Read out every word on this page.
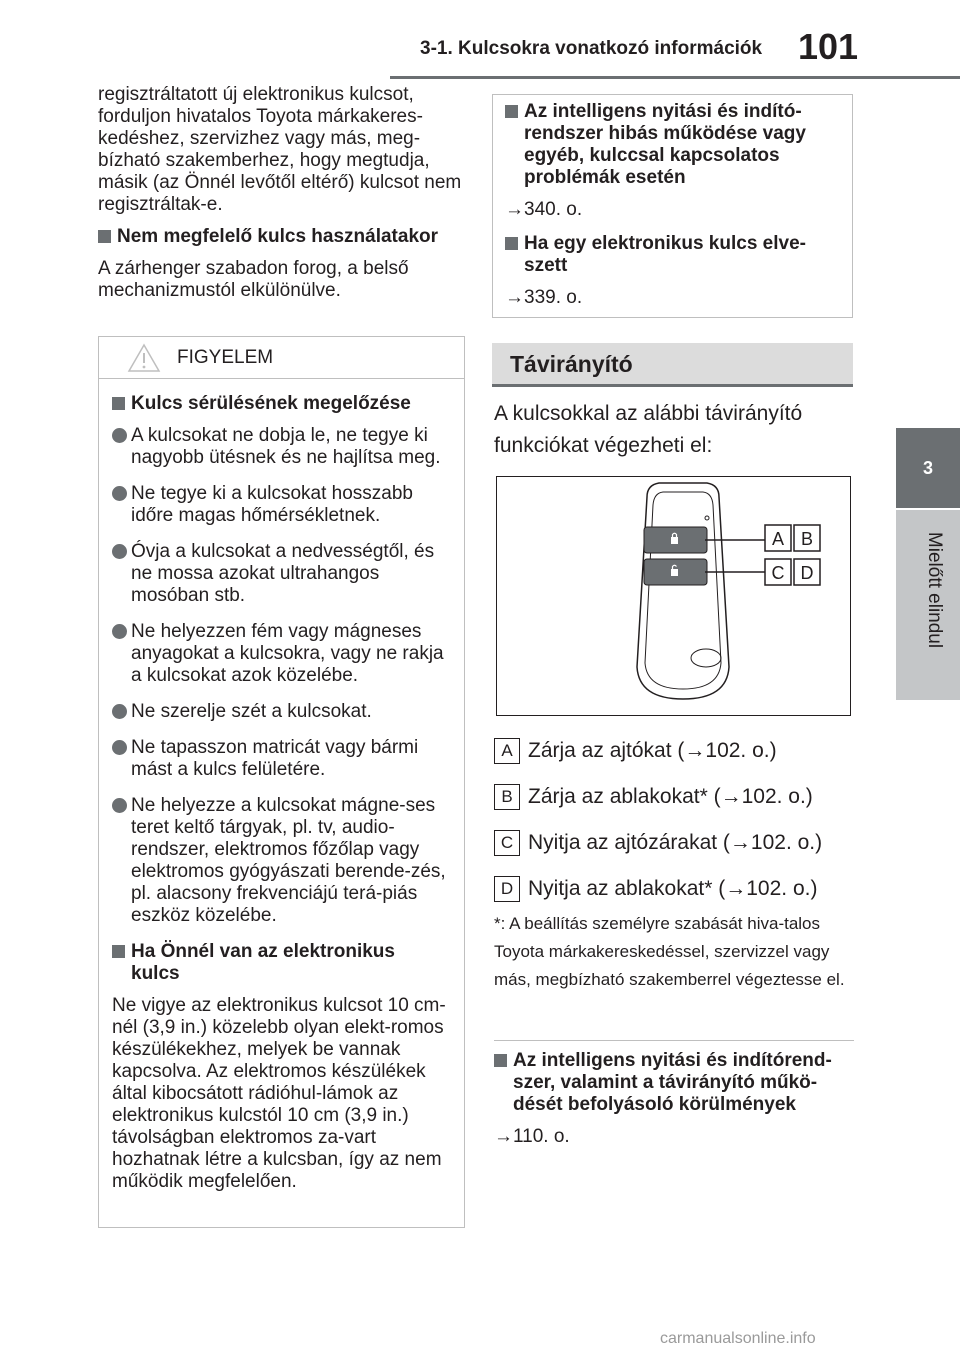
3-1. Kulcsokra vonatkozó információk 101
3
Mielőtt elindul

regisztráltatott új elektronikus kulcsot, forduljon hivatalos Toyota márkakeres-kedéshez, szervizhez vagy más, meg-bízható szakemberhez, hogy megtudja, másik (az Önnél levőtől eltérő) kulcsot nem regisztráltak-e.

Nem megfelelő kulcs használatakor

A zárhenger szabadon forog, a belső mechanizmustól elkülönülve.

FIGYELEM
Kulcs sérülésének megelőzése
A kulcsokat ne dobja le, ne tegye ki nagyobb ütésnek és ne hajlítsa meg.
Ne tegye ki a kulcsokat hosszabb időre magas hőmérsékletnek.
Óvja a kulcsokat a nedvességtől, és ne mossa azokat ultrahangos mosóban stb.
Ne helyezzen fém vagy mágneses anyagokat a kulcsokra, vagy ne rakja a kulcsokat azok közelébe.
Ne szerelje szét a kulcsokat.
Ne tapasszon matricát vagy bármi mást a kulcs felületére.
Ne helyezze a kulcsokat mágne-ses teret keltő tárgyak, pl. tv, audio-rendszer, elektromos főzőlap vagy elektromos gyógyászati berende-zés, pl. alacsony frekvenciájú terá-piás eszköz közelébe.
Ha Önnél van az elektronikus kulcs

Ne vigye az elektronikus kulcsot 10 cm-nél (3,9 in.) közelebb olyan elekt-romos készülékekhez, melyek be vannak kapcsolva. Az elektromos készülékek által kibocsátott rádióhul-lámok az elektronikus kulcstól 10 cm (3,9 in.) távolságban elektromos za-vart hozhatnak létre a kulcsban, így az nem működik megfelelően.

Az intelligens nyitási és indító-rendszer hibás működése vagy egyéb, kulccsal kapcsolatos problémák esetén
→340. o.
Ha egy elektronikus kulcs elve-szett
→339. o.
Távirányító

A kulcsokkal az alábbi távirányító funkciókat végezheti el:

A B
C D
A Zárja az ajtókat (→102. o.)
B Zárja az ablakokat* (→102. o.)
C Nyitja az ajtózárakat (→102. o.)
D Nyitja az ablakokat* (→102. o.)
*: A beállítás személyre szabását hiva-talos Toyota márkakereskedéssel, szervizzel vagy más, megbízható szakemberrel végeztesse el.
Az intelligens nyitási és indítórend-szer, valamint a távirányító műkö-dését befolyásoló körülmények
→110. o.
carmanualsonline.info
